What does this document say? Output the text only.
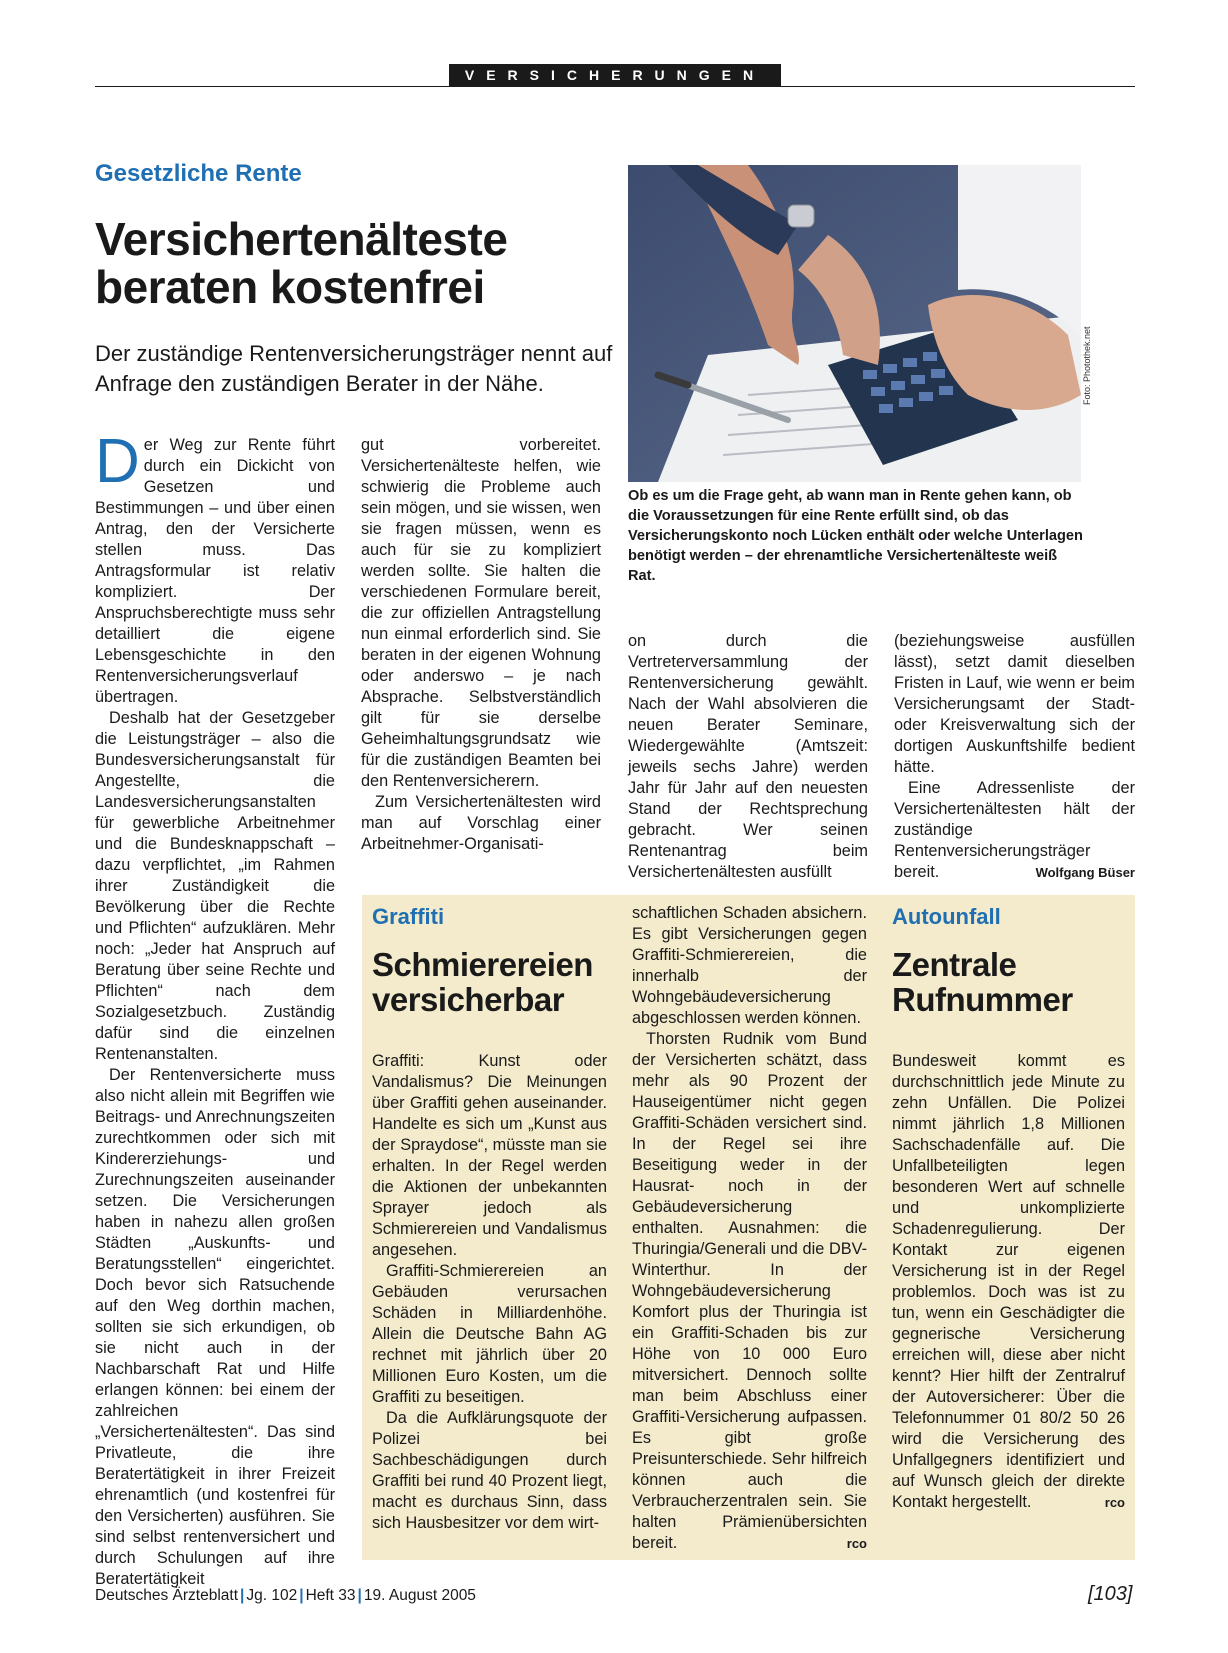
VERSICHERUNGEN
Gesetzliche Rente
Versichertenälteste beraten kostenfrei
Der zuständige Rentenversicherungsträger nennt auf Anfrage den zuständigen Berater in der Nähe.

Der Weg zur Rente führt durch ein Dickicht von Gesetzen und Bestimmungen – und über einen Antrag, den der Versicherte stellen muss. Das Antragsformular ist relativ kompliziert. Der Anspruchsberechtigte muss sehr detailliert die eigene Lebensgeschichte in den Rentenversicherungsverlauf übertragen.

Deshalb hat der Gesetzgeber die Leistungsträger – also die Bundesversicherungsanstalt für Angestellte, die Landesversicherungsanstalten für gewerbliche Arbeitnehmer und die Bundesknappschaft – dazu verpflichtet, „im Rahmen ihrer Zuständigkeit die Bevölkerung über die Rechte und Pflichten“ aufzuklären. Mehr noch: „Jeder hat Anspruch auf Beratung über seine Rechte und Pflichten“ nach dem Sozialgesetzbuch. Zuständig dafür sind die einzelnen Rentenanstalten.

Der Rentenversicherte muss also nicht allein mit Begriffen wie Beitrags- und Anrechnungszeiten zurechtkommen oder sich mit Kindererziehungs- und Zurechnungszeiten auseinander setzen. Die Versicherungen haben in nahezu allen großen Städten „Auskunfts- und Beratungsstellen“ eingerichtet. Doch bevor sich Ratsuchende auf den Weg dorthin machen, sollten sie sich erkundigen, ob sie nicht auch in der Nachbarschaft Rat und Hilfe erlangen können: bei einem der zahlreichen „Versichertenältesten“. Das sind Privatleute, die ihre Beratertätigkeit in ihrer Freizeit ehrenamtlich (und kostenfrei für den Versicherten) ausführen. Sie sind selbst rentenversichert und durch Schulungen auf ihre Beratertätigkeit

gut vorbereitet. Versichertenälteste helfen, wie schwierig die Probleme auch sein mögen, und sie wissen, wen sie fragen müssen, wenn es auch für sie zu kompliziert werden sollte. Sie halten die verschiedenen Formulare bereit, die zur offiziellen Antragstellung nun einmal erforderlich sind. Sie beraten in der eigenen Wohnung oder anderswo – je nach Absprache. Selbstverständlich gilt für sie derselbe Geheimhaltungsgrundsatz wie für die zuständigen Beamten bei den Rentenversicherern.

Zum Versichertenältesten wird man auf Vorschlag einer Arbeitnehmer-Organisati-

Foto: Photothek.net

Ob es um die Frage geht, ab wann man in Rente gehen kann, ob die Voraussetzungen für eine Rente erfüllt sind, ob das Versicherungskonto noch Lücken enthält oder welche Unterlagen benötigt werden – der ehrenamtliche Versichertenälteste weiß Rat.

on durch die Vertreterversammlung der Rentenversicherung gewählt. Nach der Wahl absolvieren die neuen Berater Seminare, Wiedergewählte (Amtszeit: jeweils sechs Jahre) werden Jahr für Jahr auf den neuesten Stand der Rechtsprechung gebracht. Wer seinen Rentenantrag beim Versichertenältesten ausfüllt

(beziehungsweise ausfüllen lässt), setzt damit dieselben Fristen in Lauf, wie wenn er beim Versicherungsamt der Stadt- oder Kreisverwaltung sich der dortigen Auskunftshilfe bedient hätte.

Eine Adressenliste der Versichertenältesten hält der zuständige Rentenversicherungsträger bereit.	Wolfgang Büser

Graffiti
Schmierereien versicherbar

Graffiti: Kunst oder Vandalismus? Die Meinungen über Graffiti gehen auseinander. Handelte es sich um „Kunst aus der Spraydose“, müsste man sie erhalten. In der Regel werden die Aktionen der unbekannten Sprayer jedoch als Schmierereien und Vandalismus angesehen.

Graffiti-Schmierereien an Gebäuden verursachen Schäden in Milliardenhöhe. Allein die Deutsche Bahn AG rechnet mit jährlich über 20 Millionen Euro Kosten, um die Graffiti zu beseitigen.

Da die Aufklärungsquote der Polizei bei Sachbeschädigungen durch Graffiti bei rund 40 Prozent liegt, macht es durchaus Sinn, dass sich Hausbesitzer vor dem wirt-

schaftlichen Schaden absichern. Es gibt Versicherungen gegen Graffiti-Schmierereien, die innerhalb der Wohngebäudeversicherung abgeschlossen werden können.

Thorsten Rudnik vom Bund der Versicherten schätzt, dass mehr als 90 Prozent der Hauseigentümer nicht gegen Graffiti-Schäden versichert sind. In der Regel sei ihre Beseitigung weder in der Hausrat- noch in der Gebäudeversicherung enthalten. Ausnahmen: die Thuringia/Generali und die DBV-Winterthur. In der Wohngebäudeversicherung Komfort plus der Thuringia ist ein Graffiti-Schaden bis zur Höhe von 10 000 Euro mitversichert. Dennoch sollte man beim Abschluss einer Graffiti-Versicherung aufpassen. Es gibt große Preisunterschiede. Sehr hilfreich können auch die Verbraucherzentralen sein. Sie halten Prämienübersichten bereit.	rco

Autounfall
Zentrale Rufnummer

Bundesweit kommt es durchschnittlich jede Minute zu zehn Unfällen. Die Polizei nimmt jährlich 1,8 Millionen Sachschadenfälle auf. Die Unfallbeteiligten legen besonderen Wert auf schnelle und unkomplizierte Schadenregulierung. Der Kontakt zur eigenen Versicherung ist in der Regel problemlos. Doch was ist zu tun, wenn ein Geschädigter die gegnerische Versicherung erreichen will, diese aber nicht kennt? Hier hilft der Zentralruf der Autoversicherer: Über die Telefonnummer 01 80/2 50 26 wird die Versicherung des Unfallgegners identifiziert und auf Wunsch gleich der direkte Kontakt hergestellt.	rco

Deutsches Ärzteblatt | Jg. 102 | Heft 33 | 19. August 2005	[103]
